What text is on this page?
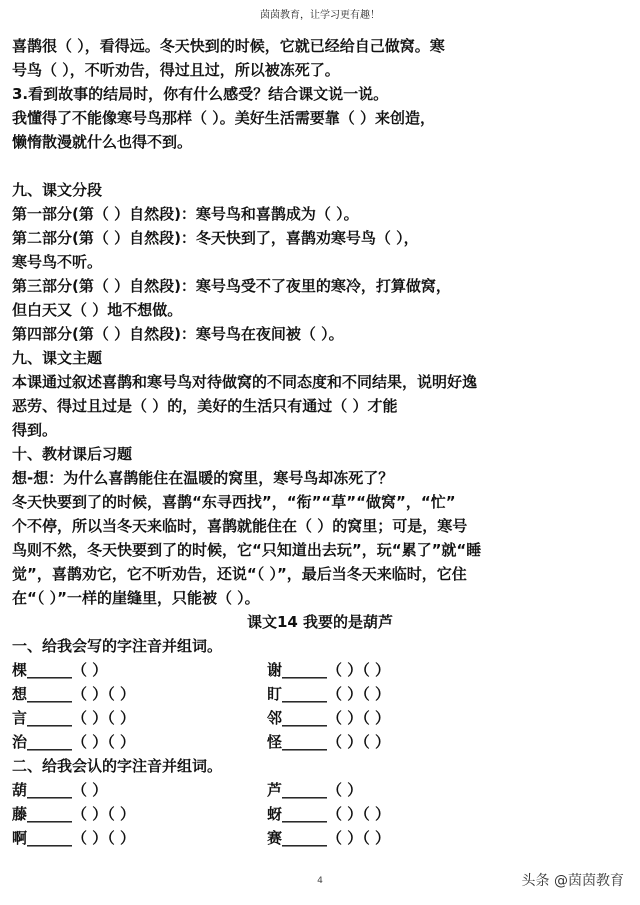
茵茵教育，让学习更有趣！
喜鹊很（ ），看得远。冬天快到的时候，它就已经给自己做窝。寒
号鸟（ ），不听劝告，得过且过，所以被冻死了。
3.看到故事的结局时，你有什么感受？结合课文说一说。
我懂得了不能像寒号鸟那样（ ）。美好生活需要靠（ ）来创造，
懒惰散漫就什么也得不到。
九、课文分段
第一部分(第（ ）自然段)：寒号鸟和喜鹊成为（ ）。
第二部分(第（ ）自然段)：冬天快到了，喜鹊劝寒号鸟（ ），
寒号鸟不听。
第三部分(第（ ）自然段)：寒号鸟受不了夜里的寒冷，打算做窝，
但白天又（ ）地不想做。
第四部分(第（ ）自然段)：寒号鸟在夜间被（ ）。
九、课文主题
本课通过叙述喜鹊和寒号鸟对待做窝的不同态度和不同结果，说明好逸
恶劳、得过且过是（ ）的，美好的生活只有通过（ ）才能
得到。
十、教材课后习题
想-想：为什么喜鹊能住在温暖的窝里，寒号鸟却冻死了？
冬天快要到了的时候，喜鹊“东寻西找”，“衔”“草”“做窝”，“忙”
个不停，所以当冬天来临时，喜鹊就能住在（ ）的窝里；可是，寒号
鸟则不然，冬天快要到了的时候，它“只知道出去玩”，玩“累了”就“睡
觉”，喜鹊劝它，它不听劝告，还说“（ ）”，最后当冬天来临时，它住
在“（ ）”一样的崖缝里，只能被（ ）。
课文14 我要的是葫芦
一、给我会写的字注音并组词。
棵______（ ）	谢______（ ）（ ）
想______（ ）（ ）	盯______（ ）（ ）
言______（ ）（ ）	邻______（ ）（ ）
治______（ ）（ ）	怪______（ ）（ ）
二、给我会认的字注音并组词。
葫______（ ）	芦______（ ）
藤______（ ）（ ）	蚜______（ ）（ ）
啊______（ ）（ ）	赛______（ ）（ ）
4	头条 @茵茵教育
